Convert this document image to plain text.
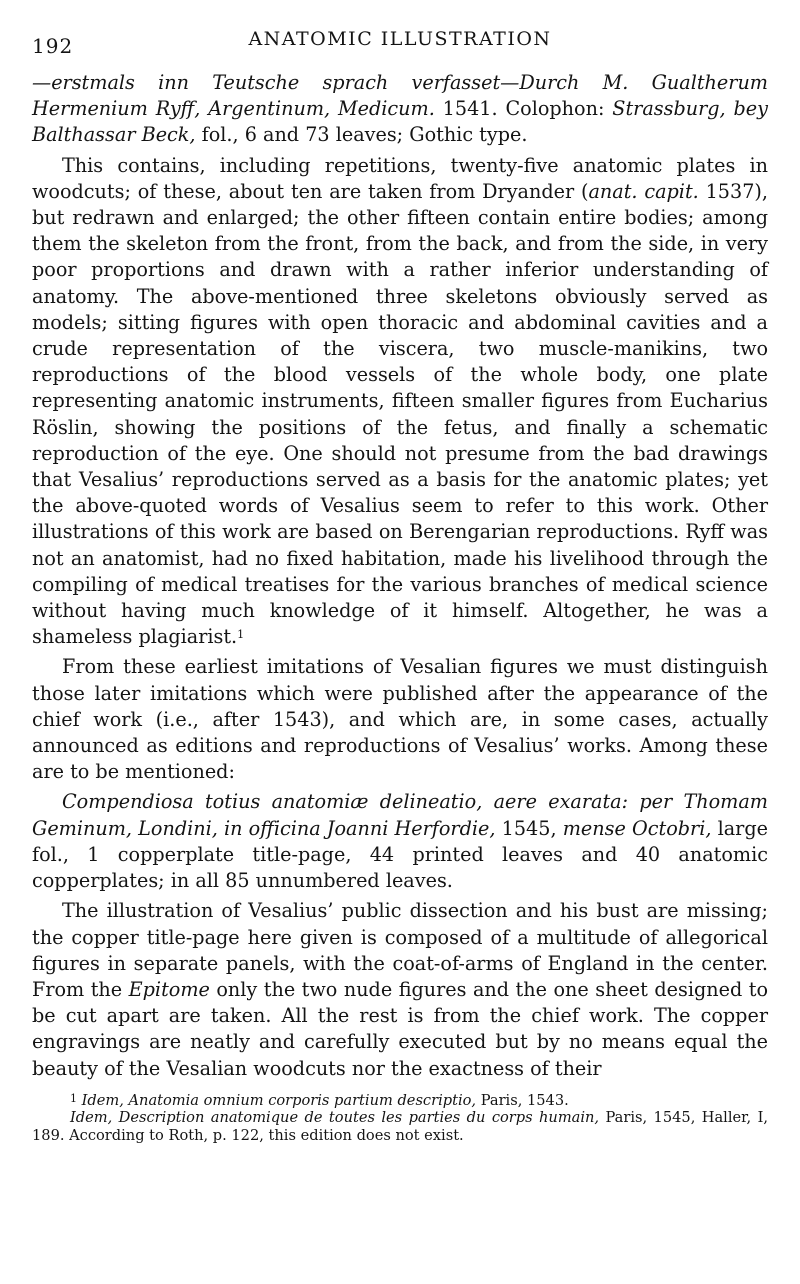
192	ANATOMIC ILLUSTRATION

—erstmals inn Teutsche sprach verfasset—Durch M. Gualtherum Hermenium Ryff, Argentinum, Medicum. 1541. Colophon: Strassburg, bey Balthassar Beck, fol., 6 and 73 leaves; Gothic type.

This contains, including repetitions, twenty-five anatomic plates in woodcuts; of these, about ten are taken from Dryander (anat. capit. 1537), but redrawn and enlarged; the other fifteen contain entire bodies; among them the skeleton from the front, from the back, and from the side, in very poor proportions and drawn with a rather inferior understanding of anatomy. The above-mentioned three skeletons obviously served as models; sitting figures with open thoracic and abdominal cavities and a crude representation of the viscera, two muscle-manikins, two reproductions of the blood vessels of the whole body, one plate representing anatomic instruments, fifteen smaller figures from Eucharius Röslin, showing the positions of the fetus, and finally a schematic reproduction of the eye. One should not presume from the bad drawings that Vesalius’ reproductions served as a basis for the anatomic plates; yet the above-quoted words of Vesalius seem to refer to this work. Other illustrations of this work are based on Berengarian reproductions. Ryff was not an anatomist, had no fixed habitation, made his livelihood through the compiling of medical treatises for the various branches of medical science without having much knowledge of it himself. Altogether, he was a shameless plagiarist.$^1$

From these earliest imitations of Vesalian figures we must distinguish those later imitations which were published after the appearance of the chief work (i.e., after 1543), and which are, in some cases, actually announced as editions and reproductions of Vesalius’ works. Among these are to be mentioned:

Compendiosa totius anatomiæ delineatio, aere exarata: per Thomam Geminum, Londini, in officina Joanni Herfordie, 1545, mense Octobri, large fol., 1 copperplate title-page, 44 printed leaves and 40 anatomic copperplates; in all 85 unnumbered leaves.

The illustration of Vesalius’ public dissection and his bust are missing; the copper title-page here given is composed of a multitude of allegorical figures in separate panels, with the coat-of-arms of England in the center. From the Epitome only the two nude figures and the one sheet designed to be cut apart are taken. All the rest is from the chief work. The copper engravings are neatly and carefully executed but by no means equal the beauty of the Vesalian woodcuts nor the exactness of their

$^1$ Idem, Anatomia omnium corporis partium descriptio, Paris, 1543.

Idem, Description anatomique de toutes les parties du corps humain, Paris, 1545, Haller, I, 189. According to Roth, p. 122, this edition does not exist.
